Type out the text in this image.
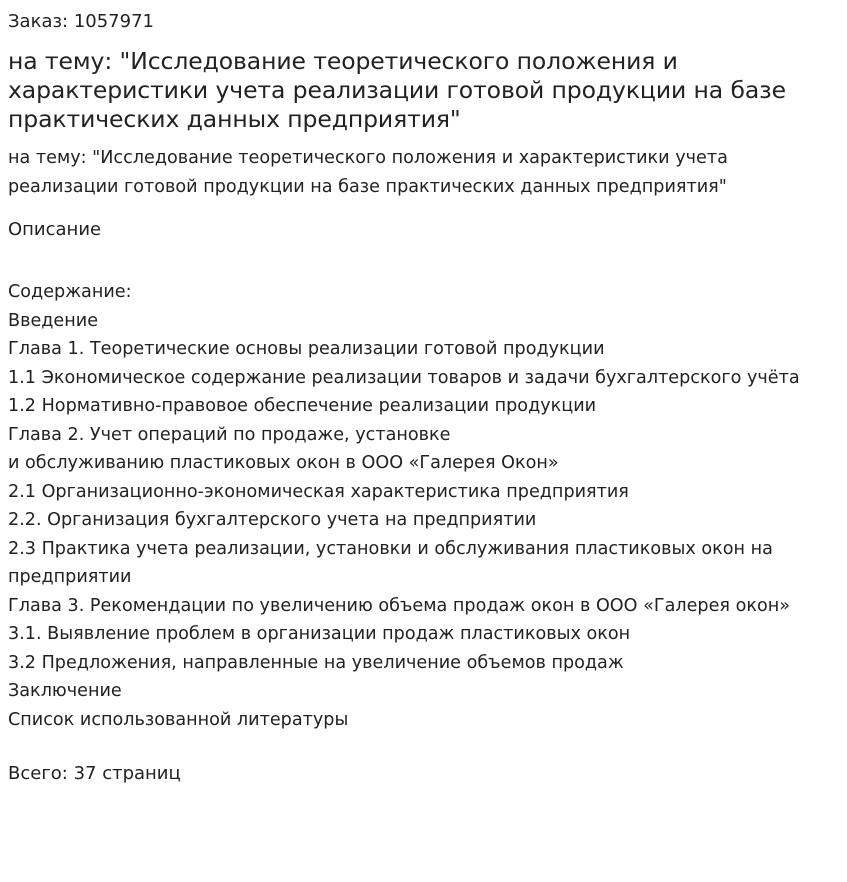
Заказ: 1057971

на тему: "Исследование теоретического положения и характеристики учета реализации готовой продукции на базе практических данных предприятия"

на тему: "Исследование теоретического положения и характеристики учета реализации готовой продукции на базе практических данных предприятия"

Описание

Содержание:
Введение
Глава 1. Теоретические основы реализации готовой продукции
1.1 Экономическое содержание реализации товаров и задачи бухгалтерского учёта
1.2 Нормативно-правовое обеспечение реализации продукции
Глава 2. Учет операций по продаже, установке
и обслуживанию пластиковых окон в ООО «Галерея Окон»
2.1 Организационно-экономическая характеристика предприятия
2.2. Организация бухгалтерского учета на предприятии
2.3 Практика учета реализации, установки и обслуживания пластиковых окон на предприятии
Глава 3. Рекомендации по увеличению объема продаж окон в ООО «Галерея окон»
3.1. Выявление проблем в организации продаж пластиковых окон
3.2 Предложения, направленные на увеличение объемов продаж
Заключение
Список использованной литературы

Всего: 37 страниц
